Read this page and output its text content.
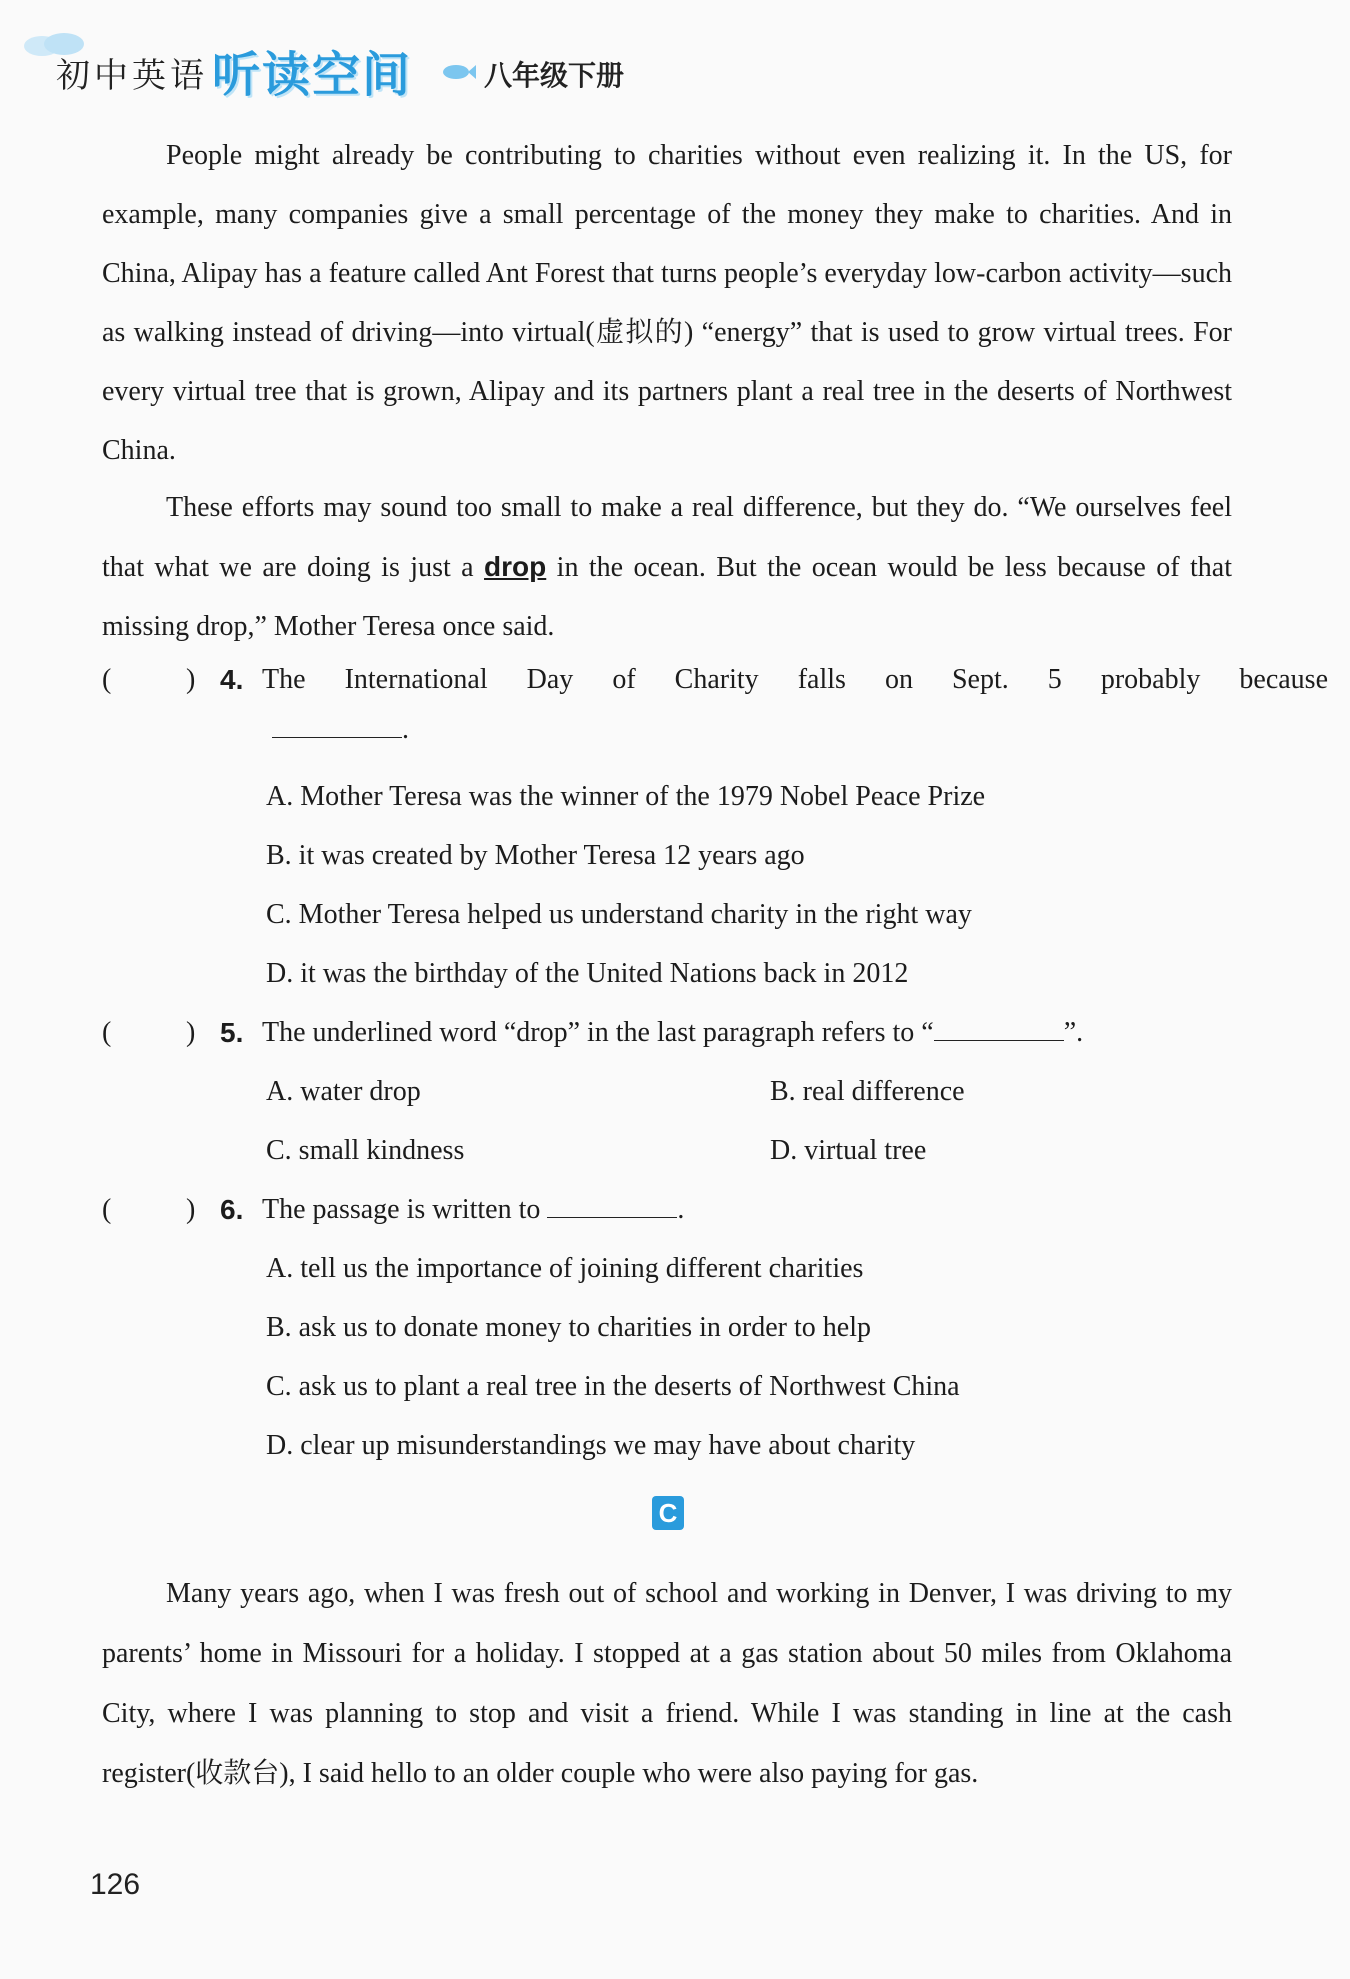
初中英语 听读空间	八年级下册

People might already be contributing to charities without even realizing it. In the US, for example, many companies give a small percentage of the money they make to charities. And in China, Alipay has a feature called Ant Forest that turns people’s everyday low-carbon activity—such as walking instead of driving—into virtual(虚拟的) “energy” that is used to grow virtual trees. For every virtual tree that is grown, Alipay and its partners plant a real tree in the deserts of Northwest China.

These efforts may sound too small to make a real difference, but they do. “We ourselves feel that what we are doing is just a drop in the ocean. But the ocean would be less because of that missing drop,” Mother Teresa once said.

(	) 4. The International Day of Charity falls on Sept. 5 probably because
.
A. Mother Teresa was the winner of the 1979 Nobel Peace Prize
B. it was created by Mother Teresa 12 years ago
C. Mother Teresa helped us understand charity in the right way
D. it was the birthday of the United Nations back in 2012
(	) 5. The underlined word “drop” in the last paragraph refers to “	”.
A. water drop	B. real difference
C. small kindness	D. virtual tree
(	) 6. The passage is written to	.
A. tell us the importance of joining different charities
B. ask us to donate money to charities in order to help
C. ask us to plant a real tree in the deserts of Northwest China
D. clear up misunderstandings we may have about charity
C

Many years ago, when I was fresh out of school and working in Denver, I was driving to my parents’ home in Missouri for a holiday. I stopped at a gas station about 50 miles from Oklahoma City, where I was planning to stop and visit a friend. While I was standing in line at the cash register(收款台), I said hello to an older couple who were also paying for gas.

126
